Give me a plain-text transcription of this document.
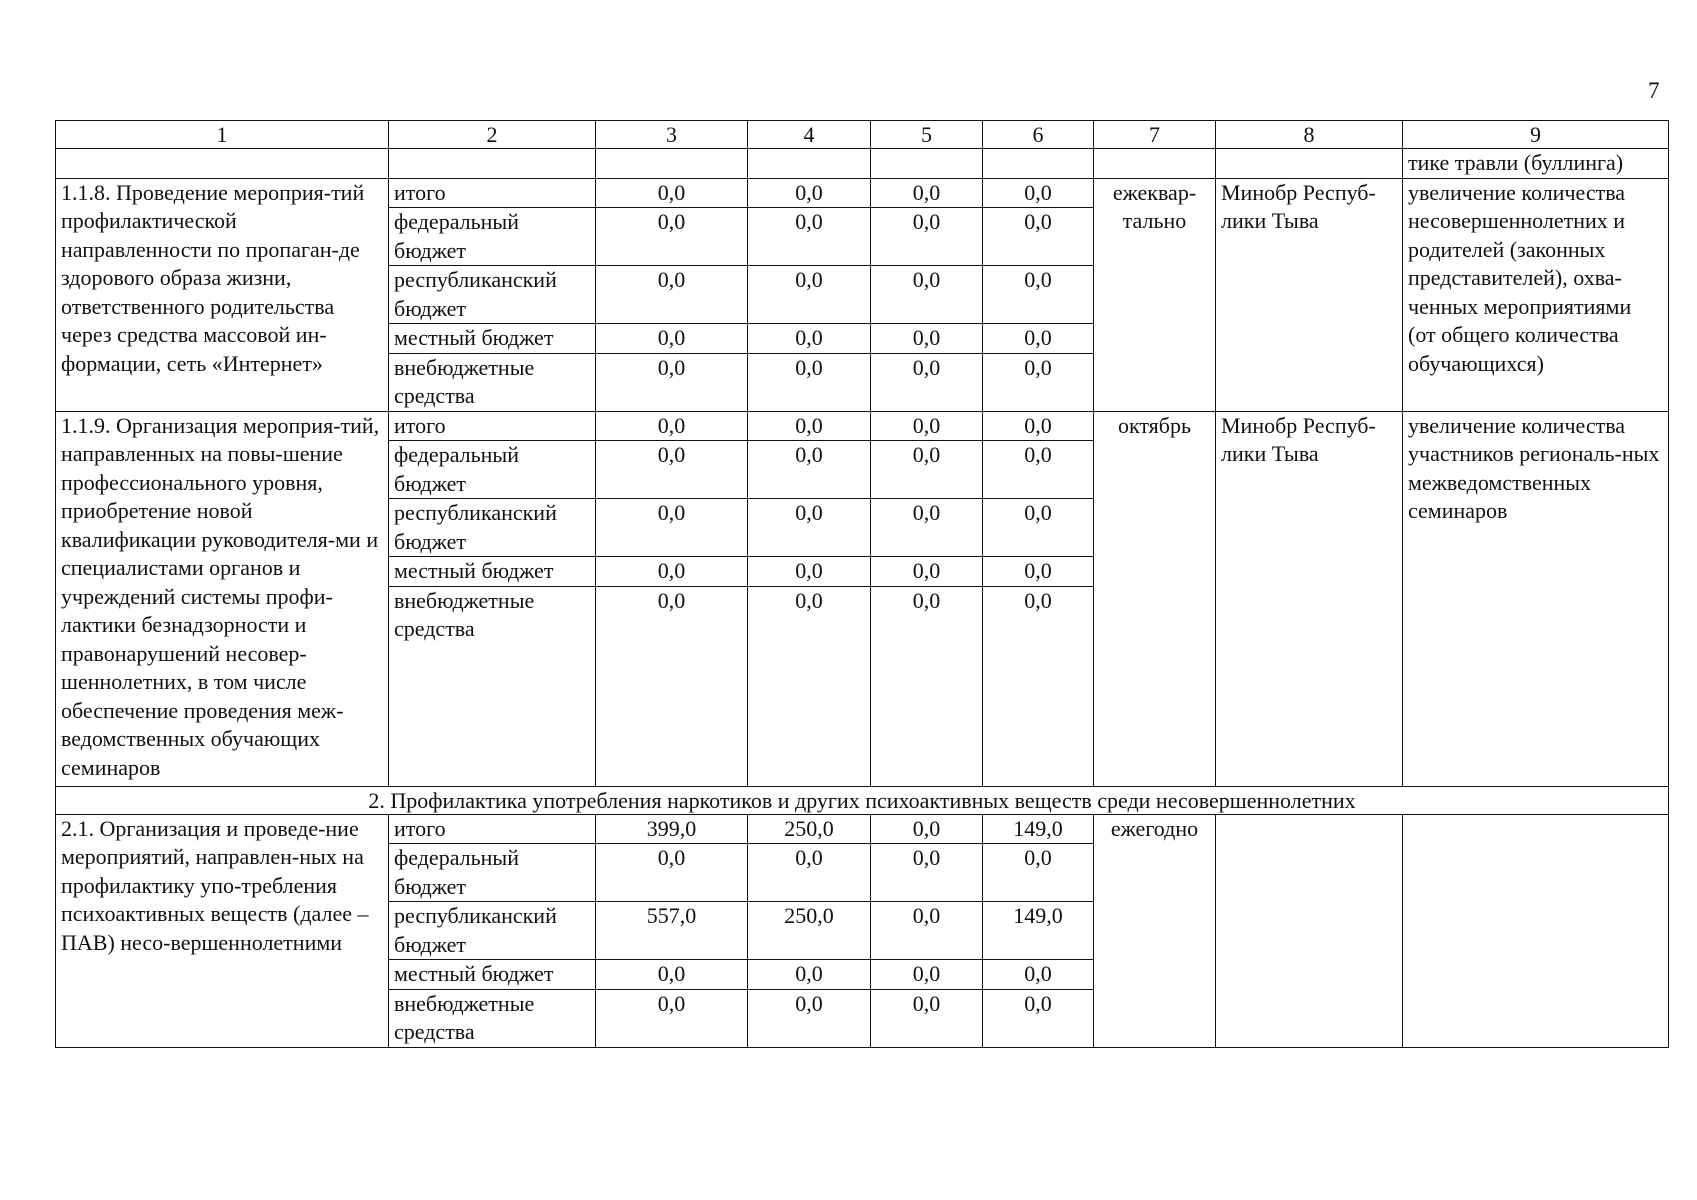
7
1	2	3	4	5	6	7	8	9
								тике травли (буллинга)
1.1.8. Проведение мероприя-тий профилактической направленности по пропаган-де здорового образа жизни, ответственного родительства через средства массовой ин-формации, сеть «Интернет»	итого	0,0	0,0	0,0	0,0	ежеквар-тально	Минобр Респуб-лики Тыва	увеличение количества несовершеннолетних и родителей (законных представителей), охва-ченных мероприятиями (от общего количества обучающихся)
	федеральный бюджет	0,0	0,0	0,0	0,0			
	республиканский бюджет	0,0	0,0	0,0	0,0			
	местный бюджет	0,0	0,0	0,0	0,0			
	внебюджетные средства	0,0	0,0	0,0	0,0			
1.1.9. Организация мероприя-тий, направленных на повы-шение профессионального уровня, приобретение новой квалификации руководителя-ми и специалистами органов и учреждений системы профи-лактики безнадзорности и правонарушений несовер-шеннолетних, в том числе обеспечение проведения меж-ведомственных обучающих семинаров	итого	0,0	0,0	0,0	0,0	октябрь	Минобр Респуб-лики Тыва	увеличение количества участников региональ-ных межведомственных семинаров
	федеральный бюджет	0,0	0,0	0,0	0,0			
	республиканский бюджет	0,0	0,0	0,0	0,0			
	местный бюджет	0,0	0,0	0,0	0,0			
	внебюджетные средства	0,0	0,0	0,0	0,0			
2. Профилактика употребления наркотиков и других психоактивных веществ среди несовершеннолетних								
2.1. Организация и проведе-ние мероприятий, направлен-ных на профилактику упо-требления психоактивных веществ (далее – ПАВ) несо-вершеннолетними	итого	399,0	250,0	0,0	149,0	ежегодно		
	федеральный бюджет	0,0	0,0	0,0	0,0			
	республиканский бюджет	557,0	250,0	0,0	149,0			
	местный бюджет	0,0	0,0	0,0	0,0			
	внебюджетные средства	0,0	0,0	0,0	0,0			
